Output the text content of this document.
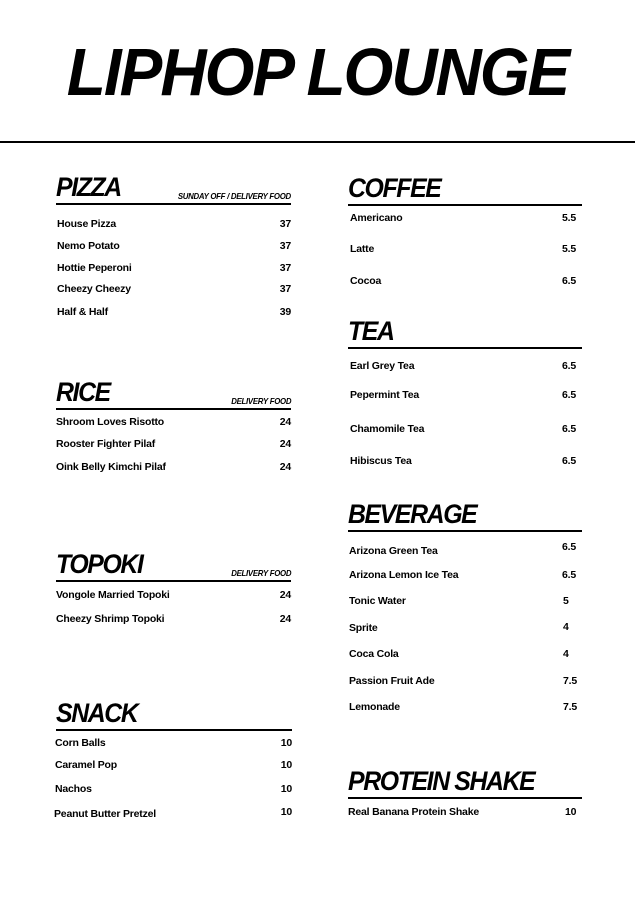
LIPHOP LOUNGE
PIZZA	SUNDAY OFF / DELIVERY FOOD
House Pizza	37
Nemo Potato	37
Hottie Peperoni	37
Cheezy Cheezy	37
Half & Half	39
RICE	DELIVERY FOOD
Shroom Loves Risotto	24
Rooster Fighter Pilaf	24
Oink Belly Kimchi Pilaf	24
TOPOKI	DELIVERY FOOD
Vongole Married Topoki	24
Cheezy Shrimp Topoki	24
SNACK
Corn Balls	10
Caramel Pop	10
Nachos	10
Peanut Butter Pretzel	10
COFFEE
Americano	5.5
Latte	5.5
Cocoa	6.5
TEA
Earl Grey Tea	6.5
Pepermint Tea	6.5
Chamomile Tea	6.5
Hibiscus Tea	6.5
BEVERAGE
Arizona Green Tea	6.5
Arizona Lemon Ice Tea	6.5
Tonic Water	5
Sprite	4
Coca Cola	4
Passion Fruit Ade	7.5
Lemonade	7.5
PROTEIN SHAKE
Real Banana Protein Shake	10
